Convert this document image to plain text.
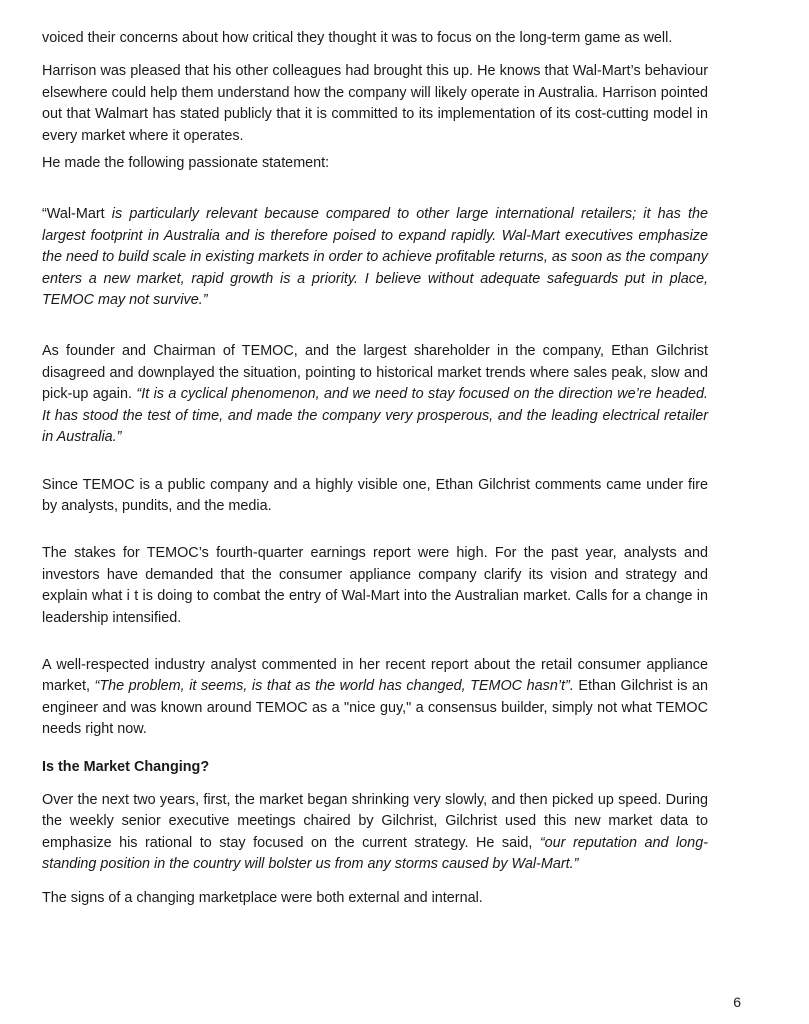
voiced their concerns about how critical they thought it was to focus on the long-term game as well.

Harrison was pleased that his other colleagues had brought this up. He knows that Wal-Mart’s behaviour elsewhere could help them understand how the company will likely operate in Australia. Harrison pointed out that Walmart has stated publicly that it is committed to its implementation of its cost-cutting model in every market where it operates.

He made the following passionate statement:

“Wal-Mart is particularly relevant because compared to other large international retailers; it has the largest footprint in Australia and is therefore poised to expand rapidly. Wal-Mart executives emphasize the need to build scale in existing markets in order to achieve profitable returns, as soon as the company enters a new market, rapid growth is a priority. I believe without adequate safeguards put in place, TEMOC may not survive.”

As founder and Chairman of TEMOC, and the largest shareholder in the company, Ethan Gilchrist disagreed and downplayed the situation, pointing to historical market trends where sales peak, slow and pick-up again. “It is a cyclical phenomenon, and we need to stay focused on the direction we’re headed. It has stood the test of time, and made the company very prosperous, and the leading electrical retailer in Australia.”

Since TEMOC is a public company and a highly visible one, Ethan Gilchrist comments came under fire by analysts, pundits, and the media.

The stakes for TEMOC’s fourth-quarter earnings report were high. For the past year, analysts and investors have demanded that the consumer appliance company clarify its vision and strategy and explain what i t is doing to combat the entry of Wal-Mart into the Australian market. Calls for a change in leadership intensified.

A well-respected industry analyst commented in her recent report about the retail consumer appliance market, “The problem, it seems, is that as the world has changed, TEMOC hasn’t”. Ethan Gilchrist is an engineer and was known around TEMOC as a "nice guy," a consensus builder, simply not what TEMOC needs right now.

Is the Market Changing?

Over the next two years, first, the market began shrinking very slowly, and then picked up speed. During the weekly senior executive meetings chaired by Gilchrist, Gilchrist used this new market data to emphasize his rational to stay focused on the current strategy. He said, “our reputation and long-standing position in the country will bolster us from any storms caused by Wal-Mart.”

The signs of a changing marketplace were both external and internal.

6
